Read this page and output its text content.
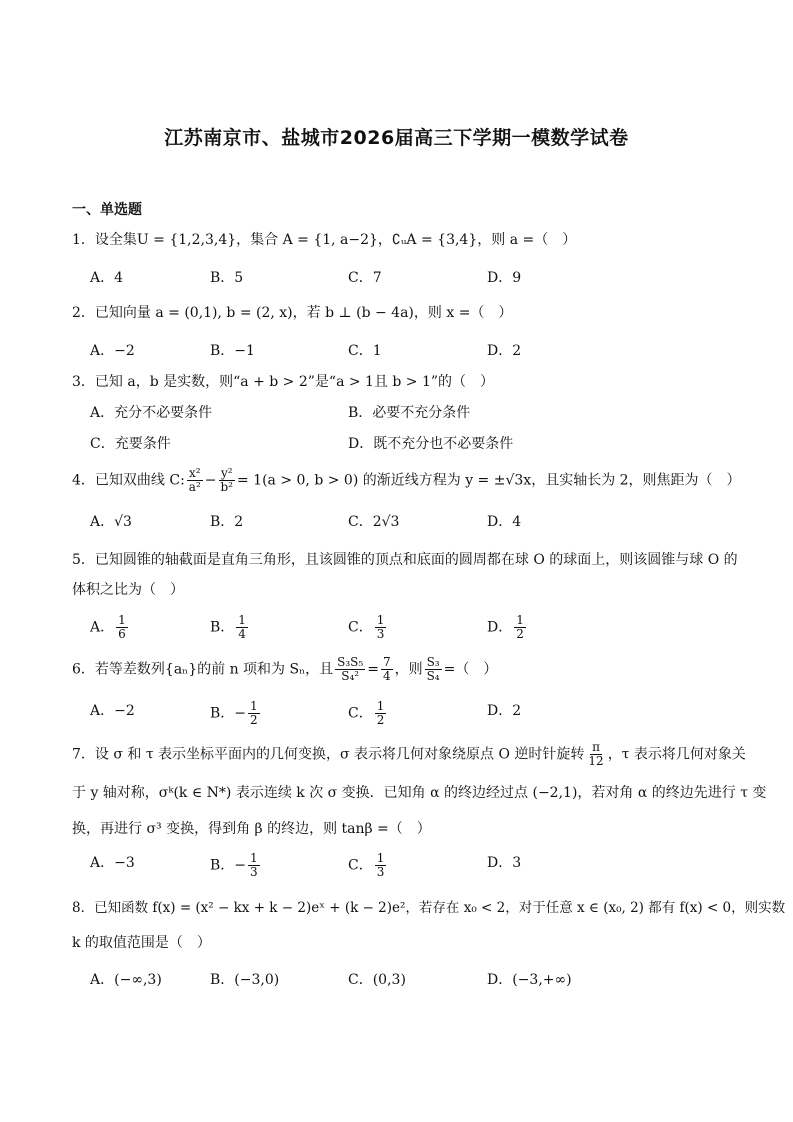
江苏南京市、盐城市2026届高三下学期一模数学试卷
一、单选题
1．设全集U = {1,2,3,4}，集合 A = {1, a−2}，∁ᵤA = {3,4}，则 a =（　）
A．4	B．5	C．7	D．9
2．已知向量 a = (0,1), b = (2, x)，若 b ⊥ (b − 4a)，则 x =（　）
A．−2	B．−1	C．1	D．2
3．已知 a，b 是实数，则“a + b > 2”是“a > 1且 b > 1”的（　）
A．充分不必要条件	B．必要不充分条件
C．充要条件	D．既不充分也不必要条件
4．已知双曲线 C: $\frac{\text{x²}}{\text{a²}} - \frac{\text{y²}}{\text{b²}} = 1(a > 0$, b > 0) 的渐近线方程为 y = ±√3x，且实轴长为 2，则焦距为（　）
A．√3	B．2	C．2√3	D．4
5．已知圆锥的轴截面是直角三角形，且该圆锥的顶点和底面的圆周都在球 O 的球面上，则该圆锥与球 O 的
体积之比为（　）
A． $\frac{1}{6}$	B． $\frac{1}{4}$	C． $\frac{1}{3}$	D． $\frac{1}{2}$
6．若等差数列{aₙ}的前 n 项和为 Sₙ，且 $\frac{\text{S₃S₅}}{\text{S₄²}} = \frac{7}{4}$ ，则 $\frac{\text{S₃}}{\text{S₄}}$ =（　）
A．−2	B．− $\frac{1}{2}$	C． $\frac{1}{2}$	D．2
7．设 σ 和 τ 表示坐标平面内的几何变换，σ 表示将几何对象绕原点 O 逆时针旋转 $\frac{\pi}{12}$ ，τ 表示将几何对象关
于 y 轴对称，σᵏ(k ∈ N*) 表示连续 k 次 σ 变换．已知角 α 的终边经过点 (−2,1)，若对角 α 的终边先进行 τ 变
换，再进行 σ³ 变换，得到角 β 的终边，则 tanβ =（　）
A．−3	B．− $\frac{1}{3}$	C． $\frac{1}{3}$	D．3
8．已知函数 f(x) = (x² − kx + k − 2)eˣ + (k − 2)e²，若存在 x₀ < 2，对于任意 x ∈ (x₀, 2) 都有 f(x) < 0，则实数
k 的取值范围是（　）
A．(−∞,3)	B．(−3,0)	C．(0,3)	D．(−3,+∞)
